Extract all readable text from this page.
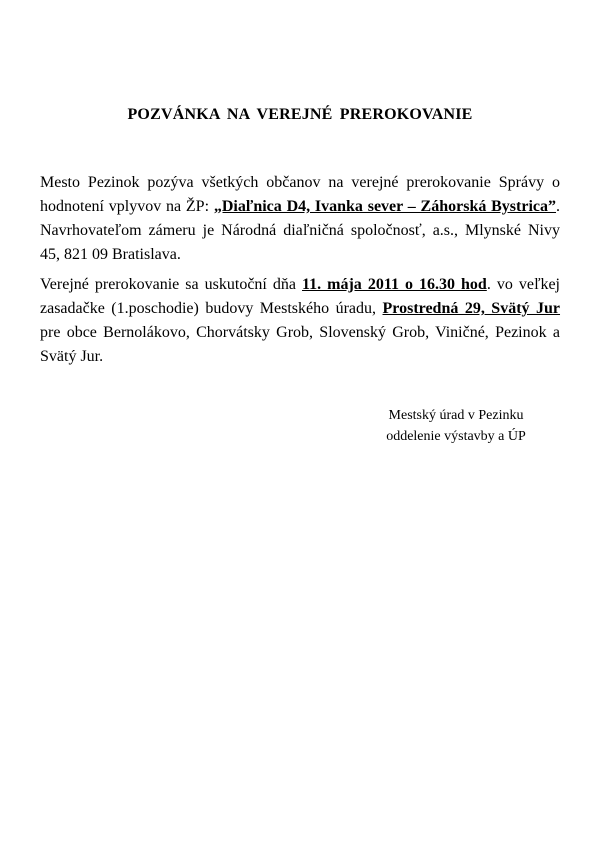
POZVÁNKA NA VEREJNÉ PREROKOVANIE
Mesto Pezinok pozýva všetkých občanov na verejné prerokovanie Správy o hodnotení vplyvov na ŽP: „Diaľnica D4, Ivanka sever – Záhorská Bystrica”. Navrhovateľom zámeru je Národná diaľničná spoločnosť, a.s., Mlynské Nivy 45, 821 09 Bratislava.
Verejné prerokovanie sa uskutoční dňa 11. mája 2011 o 16.30 hod. vo veľkej zasadačke (1.poschodie) budovy Mestského úradu, Prostredná 29, Svätý Jur pre obce Bernolákovo, Chorvátsky Grob, Slovenský Grob, Viničné, Pezinok a Svätý Jur.
Mestský úrad v Pezinku
oddelenie výstavby a ÚP
